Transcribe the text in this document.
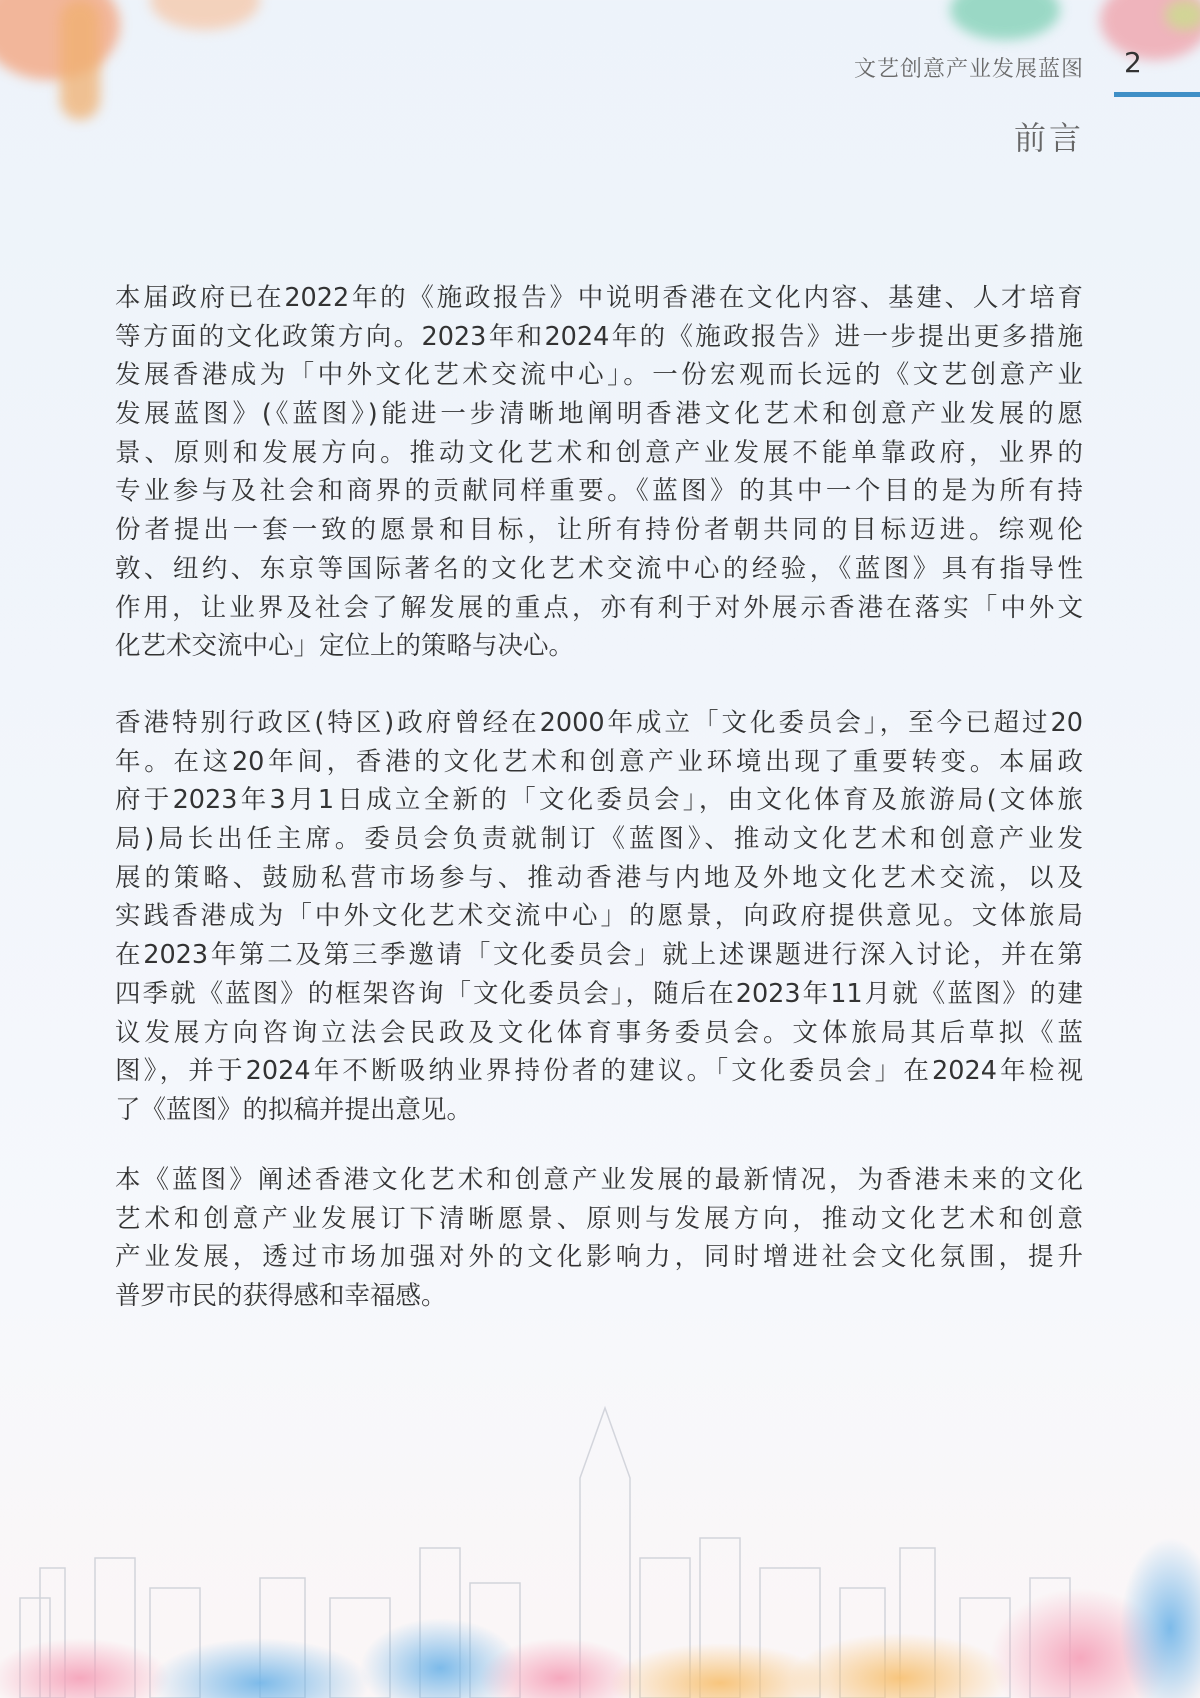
文艺创意产业发展蓝图 2
前言
本届政府已在2022年的《施政报告》中说明香港在文化内容、基建、人才培育
等方面的文化政策方向。2023年和2024年的《施政报告》进一步提出更多措施
发展香港成为「中外文化艺术交流中心」。一份宏观而长远的《文艺创意产业
发展蓝图》(《蓝图》)能进一步清晰地阐明香港文化艺术和创意产业发展的愿
景、原则和发展方向。推动文化艺术和创意产业发展不能单靠政府，业界的
专业参与及社会和商界的贡献同样重要。《蓝图》的其中一个目的是为所有持
份者提出一套一致的愿景和目标，让所有持份者朝共同的目标迈进。综观伦
敦、纽约、东京等国际著名的文化艺术交流中心的经验，《蓝图》具有指导性
作用，让业界及社会了解发展的重点，亦有利于对外展示香港在落实「中外文
化艺术交流中心」定位上的策略与决心。
香港特别行政区(特区)政府曾经在2000年成立「文化委员会」，至今已超过20
年。在这20年间，香港的文化艺术和创意产业环境出现了重要转变。本届政
府于2023年3月1日成立全新的「文化委员会」，由文化体育及旅游局(文体旅
局)局长出任主席。委员会负责就制订《蓝图》、推动文化艺术和创意产业发
展的策略、鼓励私营市场参与、推动香港与内地及外地文化艺术交流，以及
实践香港成为「中外文化艺术交流中心」的愿景，向政府提供意见。文体旅局
在2023年第二及第三季邀请「文化委员会」就上述课题进行深入讨论，并在第
四季就《蓝图》的框架咨询「文化委员会」，随后在2023年11月就《蓝图》的建
议发展方向咨询立法会民政及文化体育事务委员会。文体旅局其后草拟《蓝
图》，并于2024年不断吸纳业界持份者的建议。「文化委员会」在2024年检视
了《蓝图》的拟稿并提出意见。
本《蓝图》阐述香港文化艺术和创意产业发展的最新情况，为香港未来的文化
艺术和创意产业发展订下清晰愿景、原则与发展方向，推动文化艺术和创意
产业发展，透过市场加强对外的文化影响力，同时增进社会文化氛围，提升
普罗市民的获得感和幸福感。
